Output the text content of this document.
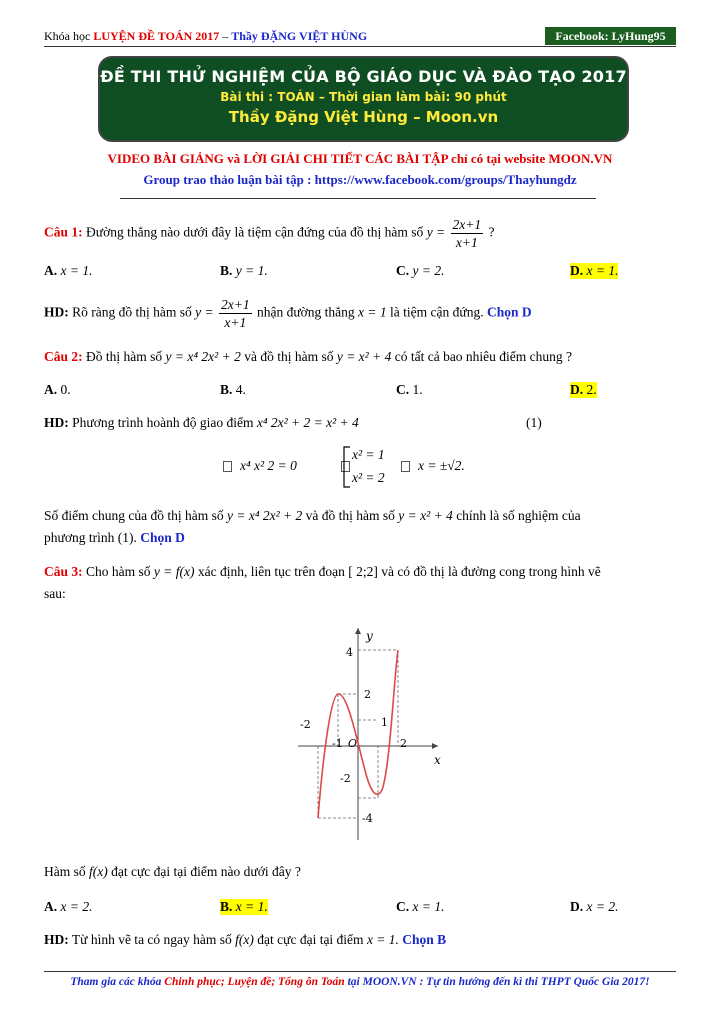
Khóa học LUYỆN ĐỀ TOÁN 2017 – Thầy ĐẶNG VIỆT HÙNG	Facebook: LyHung95
ĐỀ THI THỬ NGHIỆM CỦA BỘ GIÁO DỤC VÀ ĐÀO TẠO 2017
Bài thi : TOÁN – Thời gian làm bài: 90 phút
Thầy Đặng Việt Hùng – Moon.vn
VIDEO BÀI GIẢNG và LỜI GIẢI CHI TIẾT CÁC BÀI TẬP chỉ có tại website MOON.VN
Group trao thảo luận bài tập : https://www.facebook.com/groups/Thayhungdz
Câu 1: Đường thẳng nào dưới đây là tiệm cận đứng của đồ thị hàm số $y = \frac{2x+1}{x+1}$ ?
A. x = 1.	B. y = 1.	C. y = 2.	D. x = 1.
HD: Rõ ràng đồ thị hàm số $y = \frac{2x+1}{x+1}$ nhận đường thẳng x = 1 là tiệm cận đứng. Chọn D
Câu 2: Đồ thị hàm số y = x⁴ 2x² + 2 và đồ thị hàm số y = x² + 4 có tất cả bao nhiêu điểm chung ?
A. 0.	B. 4.	C. 1.	D. 2.
HD: Phương trình hoành độ giao điểm x⁴ 2x² + 2 = x² + 4	(1)
x⁴ x² 2 = 0
x² = 1
x² = 2
x = ±√2.
Số điểm chung của đồ thị hàm số y = x⁴ 2x² + 2 và đồ thị hàm số y = x² + 4 chính là số nghiệm của
phương trình (1). Chọn D
Câu 3: Cho hàm số y = f(x) xác định, liên tục trên đoạn [ 2;2] và có đồ thị là đường cong trong hình vẽ
sau:
y
x
4
2
1
-2
-4
-2
-1 O	2
Hàm số f(x) đạt cực đại tại điểm nào dưới đây ?
A. x = 2.	B. x = 1.	C. x = 1.	D. x = 2.
HD: Từ hình vẽ ta có ngay hàm số f(x) đạt cực đại tại điểm x = 1. Chọn B
Tham gia các khóa Chinh phục; Luyện đề; Tổng ôn Toán tại MOON.VN : Tự tin hướng đến kì thi THPT Quốc Gia 2017!
